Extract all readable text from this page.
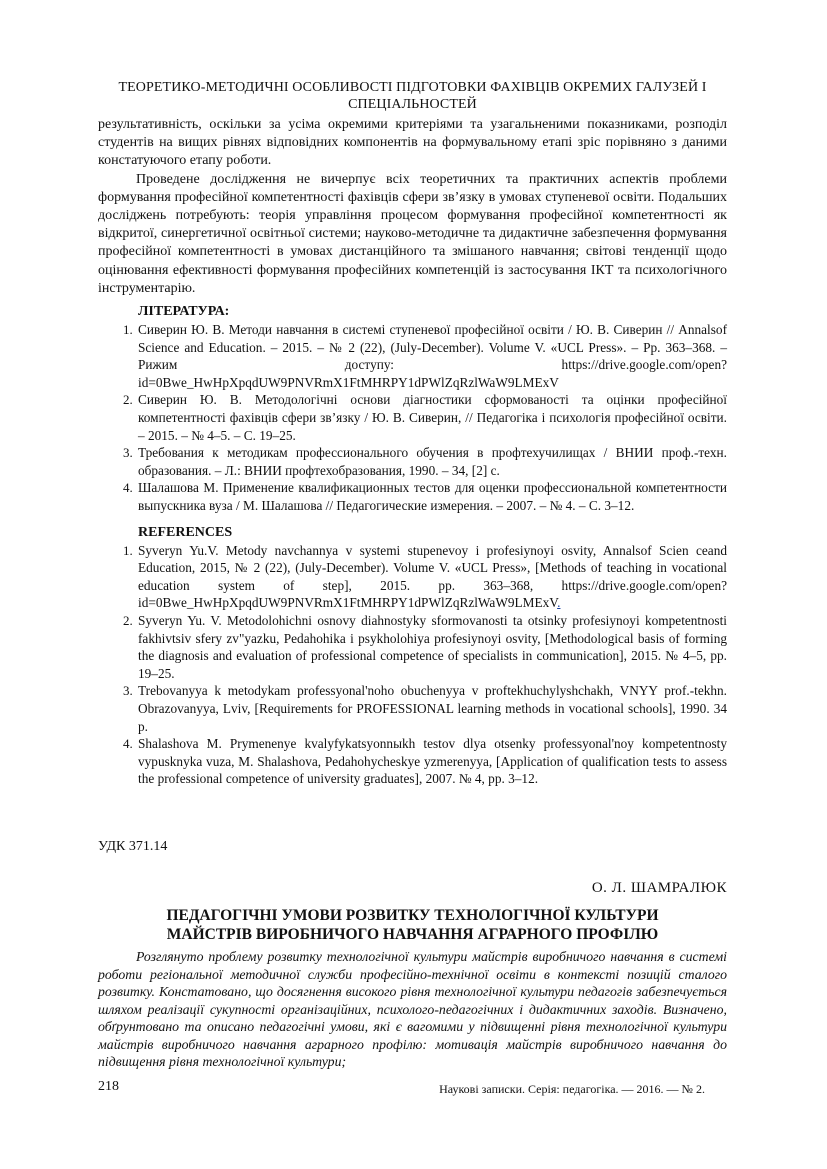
ТЕОРЕТИКО-МЕТОДИЧНІ ОСОБЛИВОСТІ ПІДГОТОВКИ ФАХІВЦІВ ОКРЕМИХ ГАЛУЗЕЙ І СПЕЦІАЛЬНОСТЕЙ

результативність, оскільки за усіма окремими критеріями та узагальненими показниками, розподіл студентів на вищих рівнях відповідних компонентів на формувальному етапі зріс порівняно з даними констатуючого етапу роботи.

Проведене дослідження не вичерпує всіх теоретичних та практичних аспектів проблеми формування професійної компетентності фахівців сфери зв’язку в умовах ступеневої освіти. Подальших досліджень потребують: теорія управління процесом формування професійної компетентності як відкритої, синергетичної освітньої системи; науково-методичне та дидактичне забезпечення формування професійної компетентності в умовах дистанційного та змішаного навчання; світові тенденції щодо оцінювання ефективності формування професійних компетенцій із застосування ІКТ та психологічного інструментарію.

ЛІТЕРАТУРА:
1. Сиверин Ю. В. Методи навчання в системі ступеневої професійної освіти / Ю. В. Сиверин // Annalsof Science and Education. – 2015. – № 2 (22), (July-December). Volume V. «UCL Press». – Pp. 363–368. – Рижим доступу: https://drive.google.com/open?id=0Bwe_HwHpXpqdUW9PNVRmX1FtMHRPY1dPWlZqRzlWaW9LMExV
2. Сиверин Ю. В. Методологічні основи діагностики сформованості та оцінки професійної компетентності фахівців сфери зв’язку / Ю. В. Сиверин, // Педагогіка і психологія професійної освіти. – 2015. – № 4–5. – С. 19–25.
3. Требования к методикам профессионального обучения в профтехучилищах / ВНИИ проф.-техн. образования. – Л.: ВНИИ профтехобразования, 1990. – 34, [2] с.
4. Шалашова М. Применение квалификационных тестов для оценки профессиональной компетентности выпускника вуза / М. Шалашова // Педагогические измерения. – 2007. – № 4. – С. 3–12.
REFERENCES
1. Syveryn Yu.V. Metody navchannya v systemi stupenevoy i profesiynoyi osvity, Annalsof Scien ceand Education, 2015, № 2 (22), (July-December). Volume V. «UCL Press», [Methods of teaching in vocational education system of step], 2015. pp. 363–368, https://drive.google.com/open?id=0Bwe_HwHpXpqdUW9PNVRmX1FtMHRPY1dPWlZqRzlWaW9LMExV.
2. Syveryn Yu. V. Metodolohichni osnovy diahnostyky sformovanosti ta otsinky profesiynoyi kompetentnosti fakhivtsiv sfery zv"yazku, Pedahohika i psykholohiya profesiynoyi osvity, [Methodological basis of forming the diagnosis and evaluation of professional competence of specialists in communication], 2015. № 4–5, pp. 19–25.
3. Trebovanyya k metodykam professyonal'noho obuchenyya v proftekhuchylyshchakh, VNYY prof.-tekhn. Obrazovanyya, Lviv, [Requirements for PROFESSIONAL learning methods in vocational schools], 1990. 34 p.
4. Shalashova M. Prymenenye kvalyfykatsyonnыkh testov dlya otsenky professyonal'noy kompetentnosty vypusknyka vuza, M. Shalashova, Pedahohycheskye yzmerenyya, [Application of qualification tests to assess the professional competence of university graduates], 2007. № 4, pp. 3–12.
УДК 371.14
О. Л. ШАМРАЛЮК
ПЕДАГОГІЧНІ УМОВИ РОЗВИТКУ ТЕХНОЛОГІЧНОЇ КУЛЬТУРИ
МАЙСТРІВ ВИРОБНИЧОГО НАВЧАННЯ АГРАРНОГО ПРОФІЛЮ
Розглянуто проблему розвитку технологічної культури майстрів виробничого навчання в системі роботи регіональної методичної служби професійно-технічної освіти в контексті позицій сталого розвитку. Констатовано, що досягнення високого рівня технологічної культури педагогів забезпечується шляхом реалізації сукупності організаційних, психолого-педагогічних і дидактичних заходів. Визначено, обґрунтовано та описано педагогічні умови, які є вагомими у підвищенні рівня технологічної культури майстрів виробничого навчання аграрного профілю: мотивація майстрів виробничого навчання до підвищення рівня технологічної культури;
218	Наукові записки. Серія: педагогіка. — 2016. — № 2.
